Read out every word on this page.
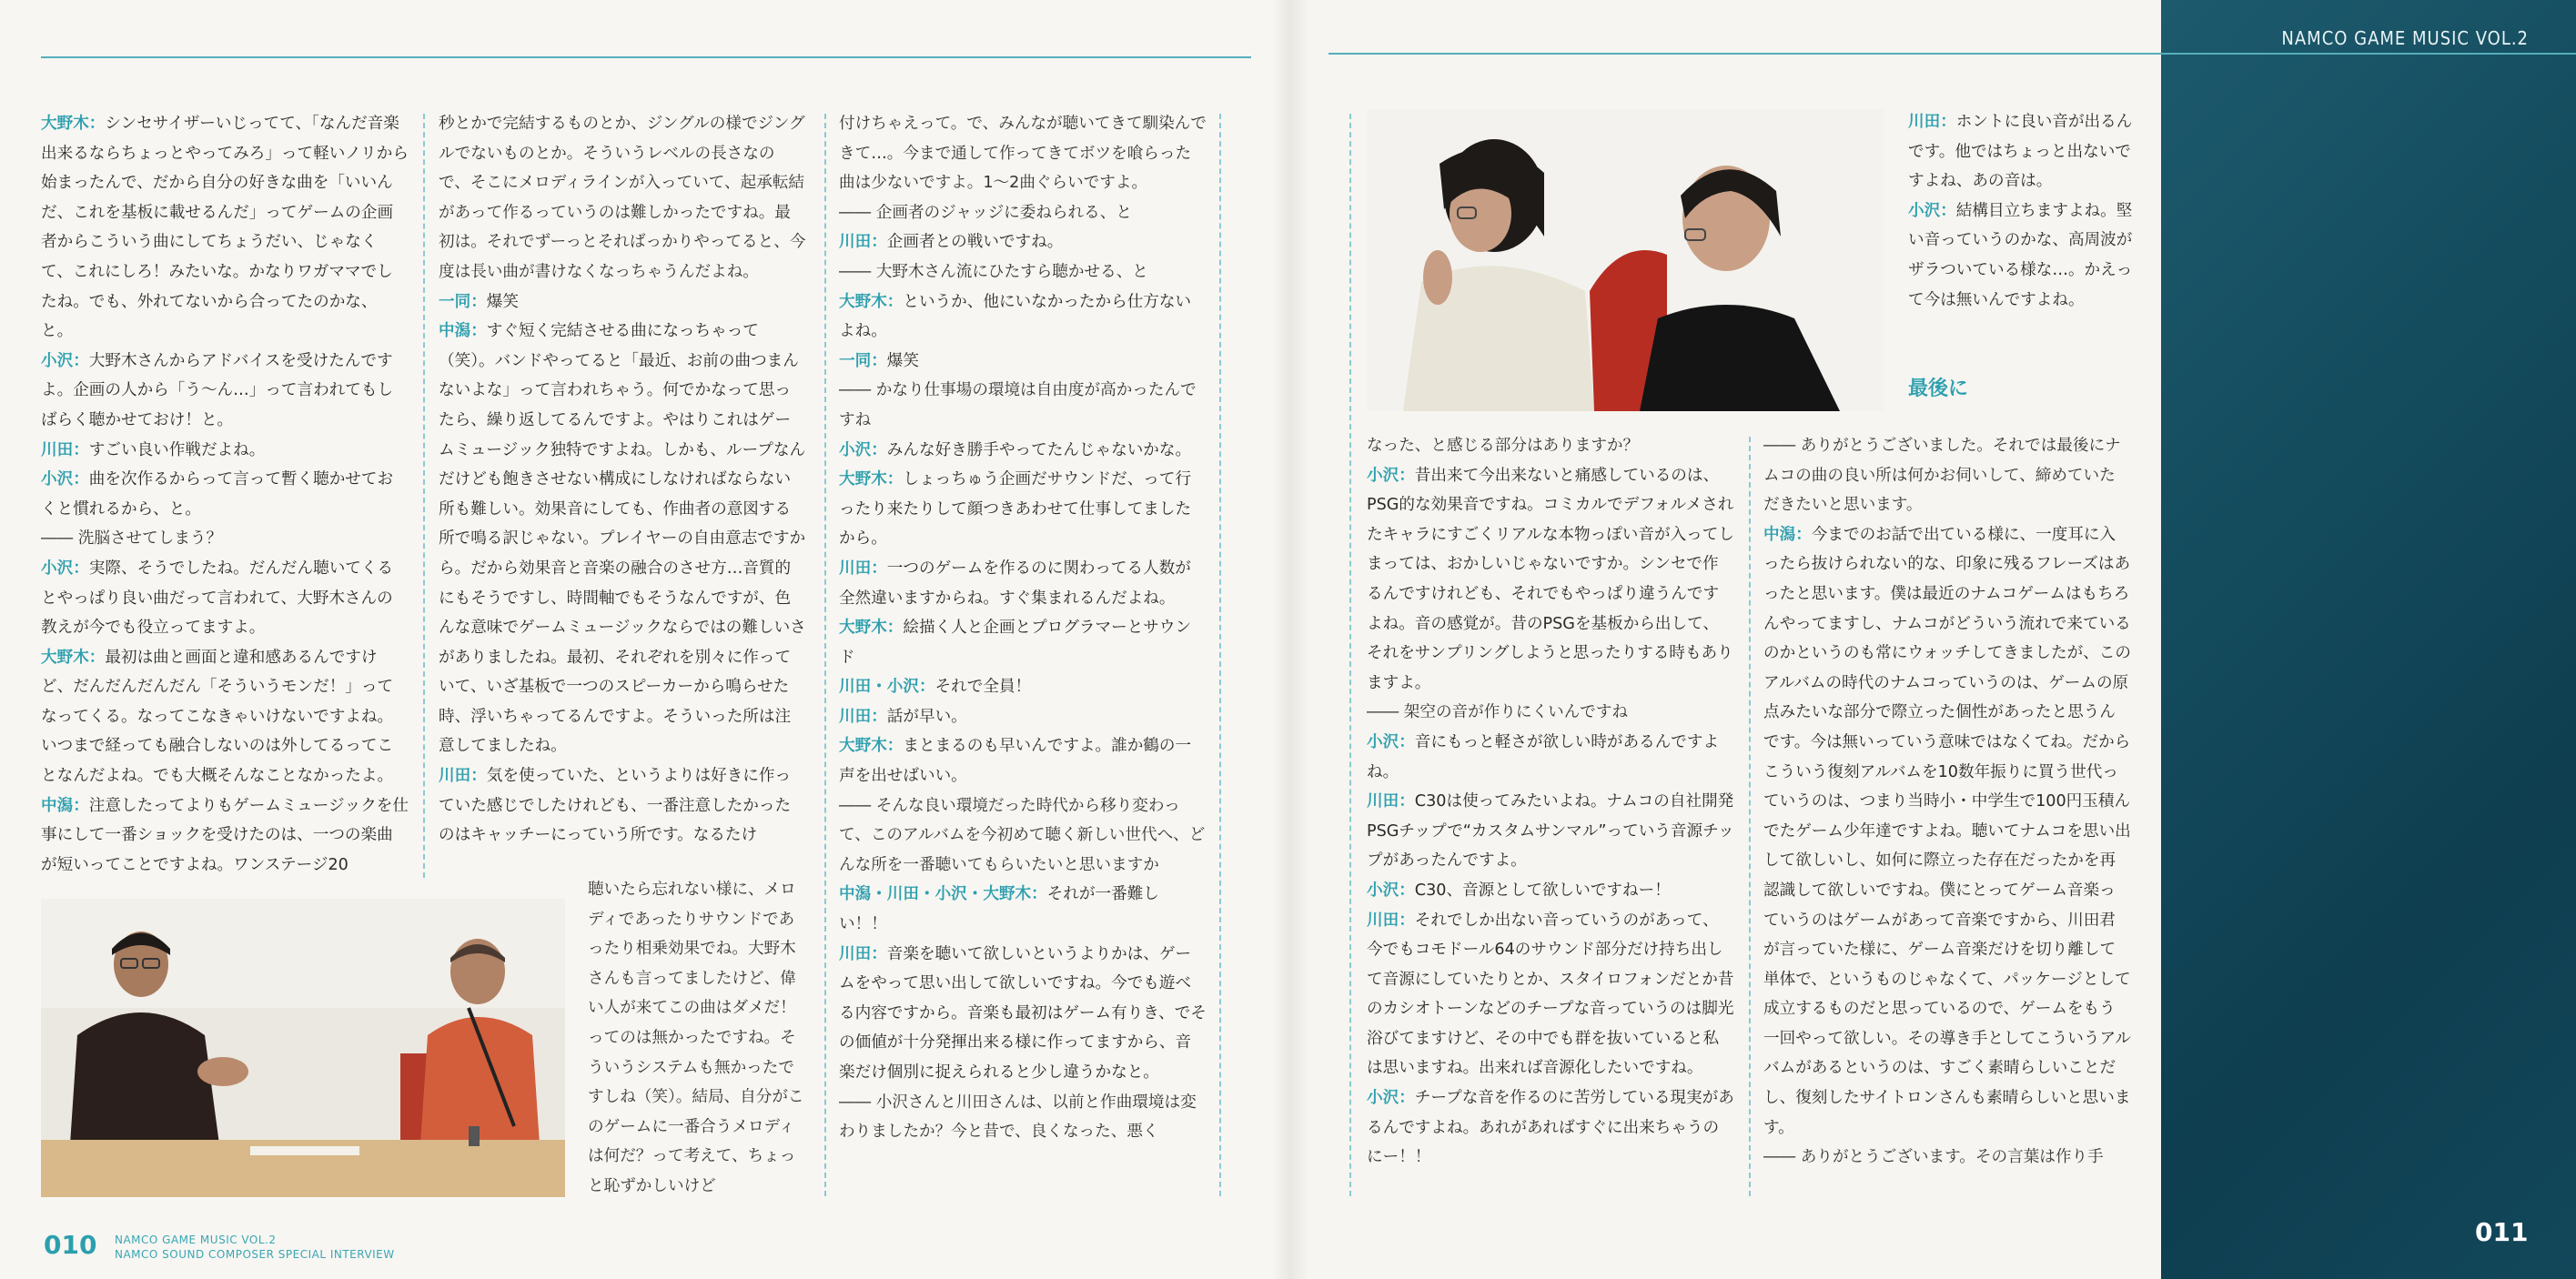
NAMCO GAME MUSIC VOL.2

大野木：シンセサイザーいじってて、「なんだ音楽出来るならちょっとやってみろ」って軽いノリから始まったんで、だから自分の好きな曲を「いいんだ、これを基板に載せるんだ」ってゲームの企画者からこういう曲にしてちょうだい、じゃなくて、これにしろ！みたいな。かなりワガママでしたね。でも、外れてないから合ってたのかな、と。

小沢：大野木さんからアドバイスを受けたんですよ。企画の人から「う〜ん…」って言われてもしばらく聴かせておけ！と。

川田：すごい良い作戦だよね。

小沢：曲を次作るからって言って暫く聴かせておくと慣れるから、と。

―― 洗脳させてしまう？

小沢：実際、そうでしたね。だんだん聴いてくるとやっぱり良い曲だって言われて、大野木さんの教えが今でも役立ってますよ。

大野木：最初は曲と画面と違和感あるんですけど、だんだんだんだん「そういうモンだ！」ってなってくる。なってこなきゃいけないですよね。いつまで経っても融合しないのは外してるってことなんだよね。でも大概そんなことなかったよ。

中潟：注意したってよりもゲームミュージックを仕事にして一番ショックを受けたのは、一つの楽曲が短いってことですよね。ワンステージ20

秒とかで完結するものとか、ジングルの様でジングルでないものとか。そういうレベルの長さなので、そこにメロディラインが入っていて、起承転結があって作るっていうのは難しかったですね。最初は。それでずーっとそればっかりやってると、今度は長い曲が書けなくなっちゃうんだよね。

一同：爆笑

中潟：すぐ短く完結させる曲になっちゃって（笑）。バンドやってると「最近、お前の曲つまんないよな」って言われちゃう。何でかなって思ったら、繰り返してるんですよ。やはりこれはゲームミュージック独特ですよね。しかも、ループなんだけども飽きさせない構成にしなければならない所も難しい。効果音にしても、作曲者の意図する所で鳴る訳じゃない。プレイヤーの自由意志ですから。だから効果音と音楽の融合のさせ方…音質的にもそうですし、時間軸でもそうなんですが、色んな意味でゲームミュージックならではの難しいさがありましたね。最初、それぞれを別々に作っていて、いざ基板で一つのスピーカーから鳴らせた時、浮いちゃってるんですよ。そういった所は注意してましたね。

川田：気を使っていた、というよりは好きに作っていた感じでしたけれども、一番注意したかったのはキャッチーにっていう所です。なるたけ

聴いたら忘れない様に、メロディであったりサウンドであったり相乗効果でね。大野木さんも言ってましたけど、偉い人が来てこの曲はダメだ！ってのは無かったですね。そういうシステムも無かったですしね（笑）。結局、自分がこのゲームに一番合うメロディは何だ？って考えて、ちょっと恥ずかしいけど

付けちゃえって。で、みんなが聴いてきて馴染んできて…。今まで通して作ってきてボツを喰らった曲は少ないですよ。1〜2曲ぐらいですよ。

―― 企画者のジャッジに委ねられる、と

川田：企画者との戦いですね。

―― 大野木さん流にひたすら聴かせる、と

大野木：というか、他にいなかったから仕方ないよね。

一同：爆笑

―― かなり仕事場の環境は自由度が高かったんですね

小沢：みんな好き勝手やってたんじゃないかな。

大野木：しょっちゅう企画だサウンドだ、って行ったり来たりして顔つきあわせて仕事してましたから。

川田：一つのゲームを作るのに関わってる人数が全然違いますからね。すぐ集まれるんだよね。

大野木：絵描く人と企画とプログラマーとサウンド

川田・小沢：それで全員！

川田：話が早い。

大野木：まとまるのも早いんですよ。誰か鶴の一声を出せばいい。

―― そんな良い環境だった時代から移り変わって、このアルバムを今初めて聴く新しい世代へ、どんな所を一番聴いてもらいたいと思いますか

中潟・川田・小沢・大野木：それが一番難しい！！

川田：音楽を聴いて欲しいというよりかは、ゲームをやって思い出して欲しいですね。今でも遊べる内容ですから。音楽も最初はゲーム有りき、でその価値が十分発揮出来る様に作ってますから、音楽だけ個別に捉えられると少し違うかなと。

―― 小沢さんと川田さんは、以前と作曲環境は変わりましたか？今と昔で、良くなった、悪く

川田：ホントに良い音が出るんです。他ではちょっと出ないですよね、あの音は。

小沢：結構目立ちますよね。堅い音っていうのかな、高周波がザラついている様な…。かえって今は無いんですよね。

最後に

なった、と感じる部分はありますか？

小沢：昔出来て今出来ないと痛感しているのは、PSG的な効果音ですね。コミカルでデフォルメされたキャラにすごくリアルな本物っぽい音が入ってしまっては、おかしいじゃないですか。シンセで作るんですけれども、それでもやっぱり違うんですよね。音の感覚が。昔のPSGを基板から出して、それをサンプリングしようと思ったりする時もありますよ。

―― 架空の音が作りにくいんですね

小沢：音にもっと軽さが欲しい時があるんですよね。

川田：C30は使ってみたいよね。ナムコの自社開発PSGチップで“カスタムサンマル”っていう音源チップがあったんですよ。

小沢：C30、音源として欲しいですねー！

川田：それでしか出ない音っていうのがあって、今でもコモドール64のサウンド部分だけ持ち出して音源にしていたりとか、スタイロフォンだとか昔のカシオトーンなどのチープな音っていうのは脚光浴びてますけど、その中でも群を抜いていると私は思いますね。出来れば音源化したいですね。

小沢：チープな音を作るのに苦労している現実があるんですよね。あれがあればすぐに出来ちゃうのにー！！

―― ありがとうございました。それでは最後にナムコの曲の良い所は何かお伺いして、締めていただきたいと思います。

中潟：今までのお話で出ている様に、一度耳に入ったら抜けられない的な、印象に残るフレーズはあったと思います。僕は最近のナムコゲームはもちろんやってますし、ナムコがどういう流れで来ているのかというのも常にウォッチしてきましたが、このアルバムの時代のナムコっていうのは、ゲームの原点みたいな部分で際立った個性があったと思うんです。今は無いっていう意味ではなくてね。だからこういう復刻アルバムを10数年振りに買う世代っていうのは、つまり当時小・中学生で100円玉積んでたゲーム少年達ですよね。聴いてナムコを思い出して欲しいし、如何に際立った存在だったかを再認識して欲しいですね。僕にとってゲーム音楽っていうのはゲームがあって音楽ですから、川田君が言っていた様に、ゲーム音楽だけを切り離して単体で、というものじゃなくて、パッケージとして成立するものだと思っているので、ゲームをもう一回やって欲しい。その導き手としてこういうアルバムがあるというのは、すごく素晴らしいことだし、復刻したサイトロンさんも素晴らしいと思います。

―― ありがとうございます。その言葉は作り手

010 NAMCO GAME MUSIC VOL.2
NAMCO SOUND COMPOSER SPECIAL INTERVIEW
011
